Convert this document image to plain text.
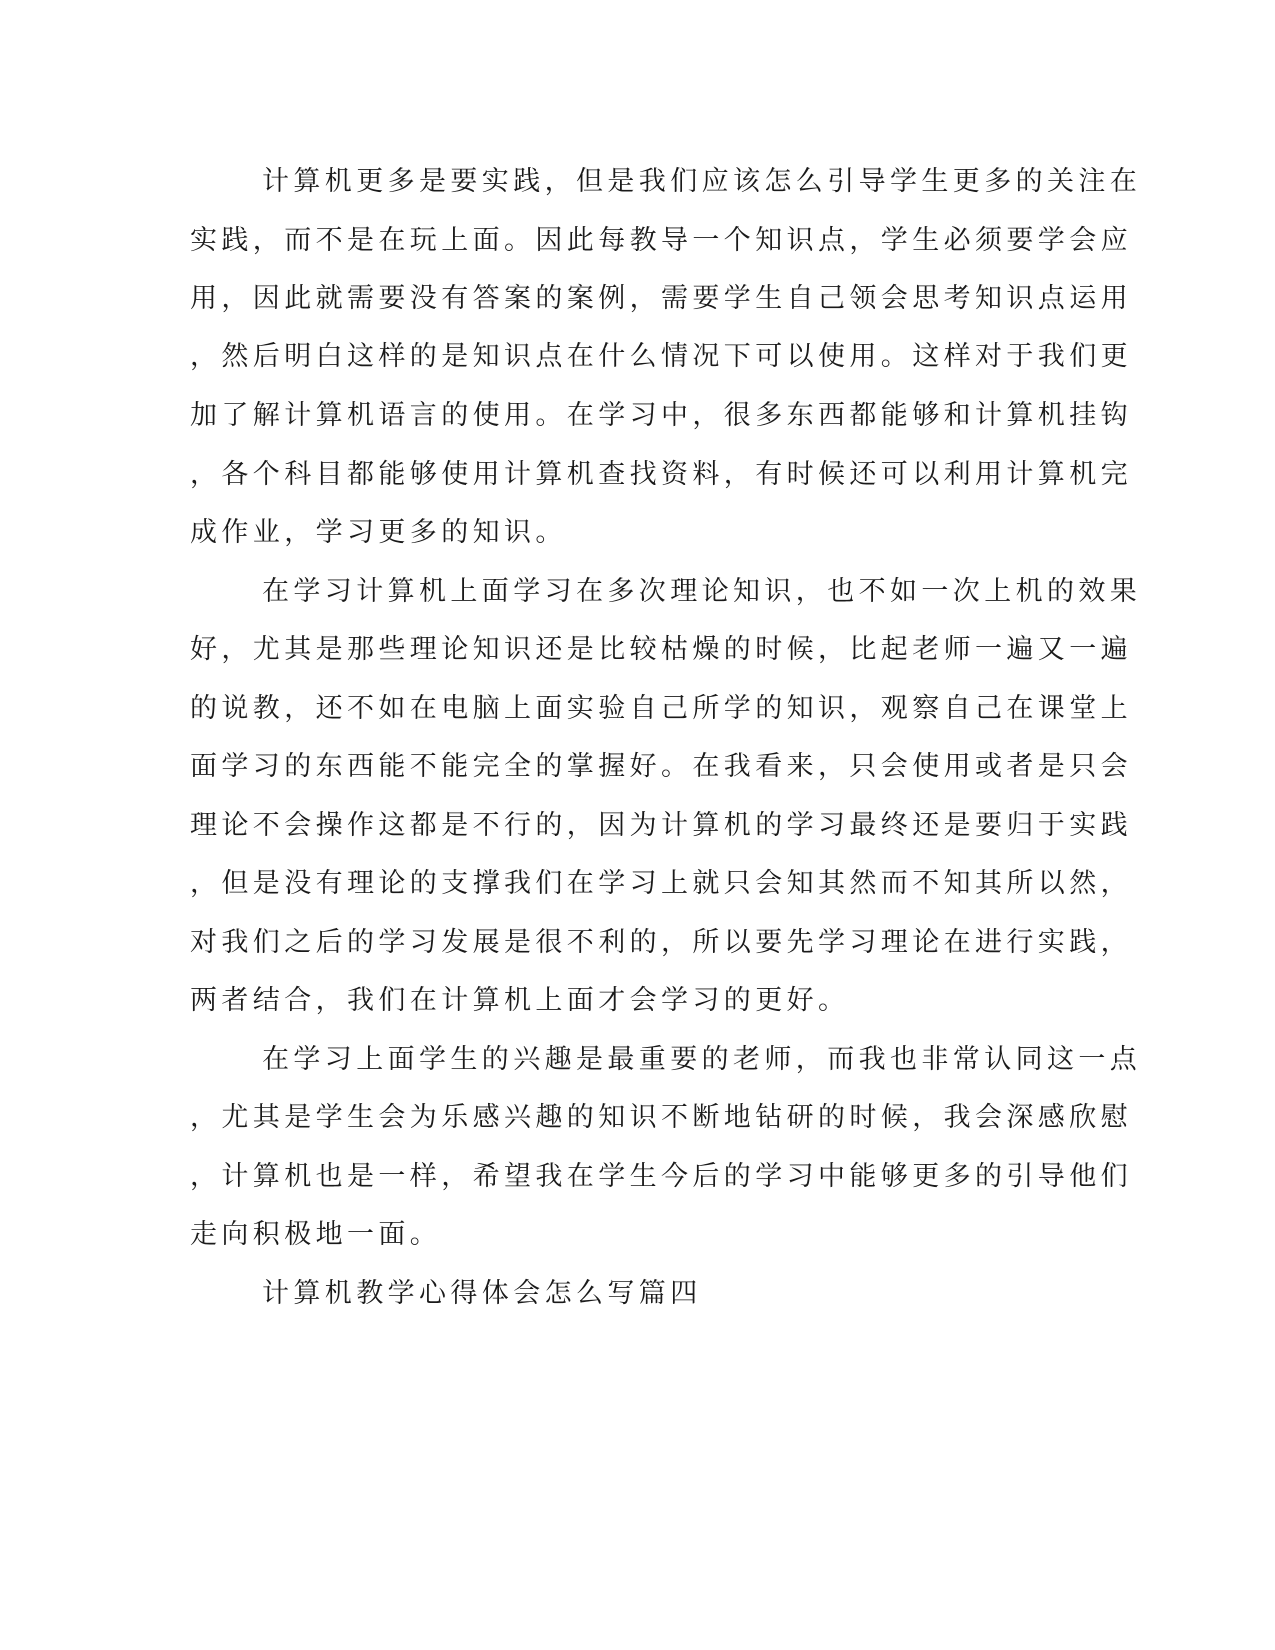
计算机更多是要实践，但是我们应该怎么引导学生更多的关注在

实践，而不是在玩上面。因此每教导一个知识点，学生必须要学会应

用，因此就需要没有答案的案例，需要学生自己领会思考知识点运用

，然后明白这样的是知识点在什么情况下可以使用。这样对于我们更

加了解计算机语言的使用。在学习中，很多东西都能够和计算机挂钩

，各个科目都能够使用计算机查找资料，有时候还可以利用计算机完

成作业，学习更多的知识。

在学习计算机上面学习在多次理论知识，也不如一次上机的效果

好，尤其是那些理论知识还是比较枯燥的时候，比起老师一遍又一遍

的说教，还不如在电脑上面实验自己所学的知识，观察自己在课堂上

面学习的东西能不能完全的掌握好。在我看来，只会使用或者是只会

理论不会操作这都是不行的，因为计算机的学习最终还是要归于实践

，但是没有理论的支撑我们在学习上就只会知其然而不知其所以然，

对我们之后的学习发展是很不利的，所以要先学习理论在进行实践，

两者结合，我们在计算机上面才会学习的更好。

在学习上面学生的兴趣是最重要的老师，而我也非常认同这一点

，尤其是学生会为乐感兴趣的知识不断地钻研的时候，我会深感欣慰

，计算机也是一样，希望我在学生今后的学习中能够更多的引导他们

走向积极地一面。

计算机教学心得体会怎么写篇四
